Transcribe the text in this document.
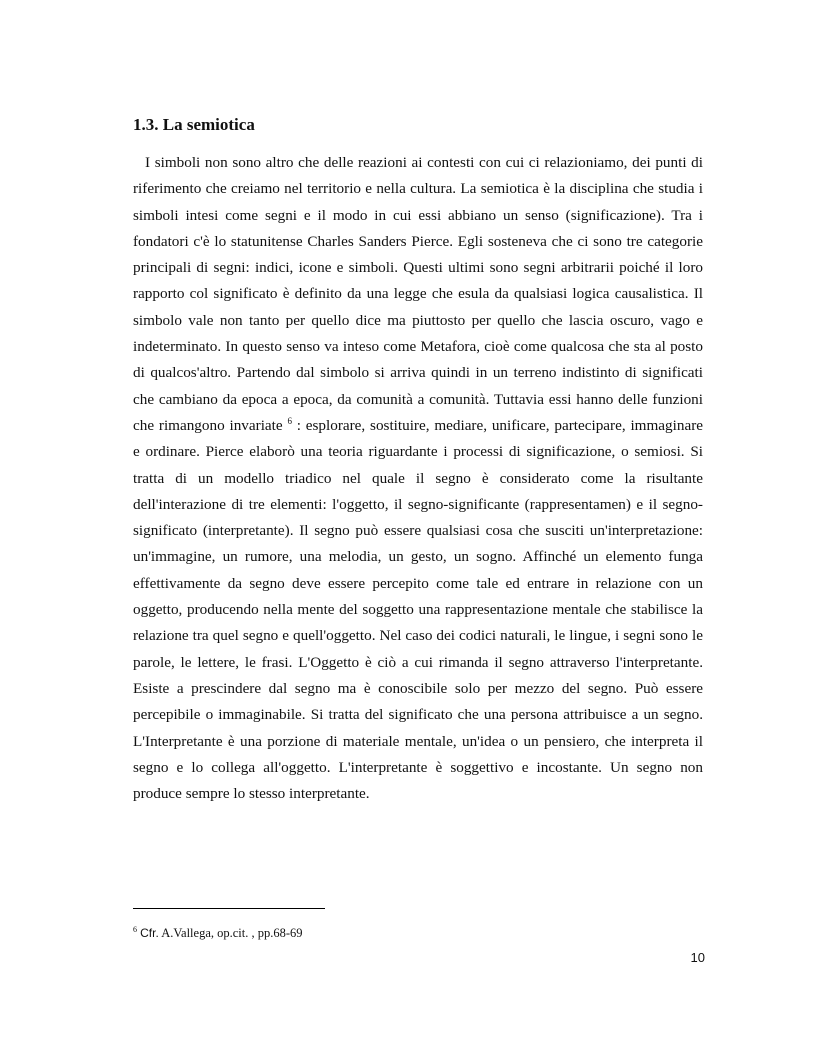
1.3. La semiotica

I simboli non sono altro che delle reazioni ai contesti con cui ci relazioniamo, dei punti di riferimento che creiamo nel territorio e nella cultura. La semiotica è la disciplina che studia i simboli intesi come segni e il modo in cui essi abbiano un senso (significazione). Tra i fondatori c'è lo statunitense Charles Sanders Pierce. Egli sosteneva che ci sono tre categorie principali di segni: indici, icone e simboli. Questi ultimi sono segni arbitrarii poiché il loro rapporto col significato è definito da una legge che esula da qualsiasi logica causalistica. Il simbolo vale non tanto per quello dice ma piuttosto per quello che lascia oscuro, vago e indeterminato. In questo senso va inteso come Metafora, cioè come qualcosa che sta al posto di qualcos'altro. Partendo dal simbolo si arriva quindi in un terreno indistinto di significati che cambiano da epoca a epoca, da comunità a comunità. Tuttavia essi hanno delle funzioni che rimangono invariate $^6$ : esplorare, sostituire, mediare, unificare, partecipare, immaginare e ordinare. Pierce elaborò una teoria riguardante i processi di significazione, o semiosi. Si tratta di un modello triadico nel quale il segno è considerato come la risultante dell'interazione di tre elementi: l'oggetto, il segno-significante (rappresentamen) e il segno-significato (interpretante). Il segno può essere qualsiasi cosa che susciti un'interpretazione: un'immagine, un rumore, una melodia, un gesto, un sogno. Affinché un elemento funga effettivamente da segno deve essere percepito come tale ed entrare in relazione con un oggetto, producendo nella mente del soggetto una rappresentazione mentale che stabilisce la relazione tra quel segno e quell'oggetto. Nel caso dei codici naturali, le lingue, i segni sono le parole, le lettere, le frasi. L'Oggetto è ciò a cui rimanda il segno attraverso l'interpretante. Esiste a prescindere dal segno ma è conoscibile solo per mezzo del segno. Può essere percepibile o immaginabile. Si tratta del significato che una persona attribuisce a un segno. L'Interpretante è una porzione di materiale mentale, un'idea o un pensiero, che interpreta il segno e lo collega all'oggetto. L'interpretante è soggettivo e incostante. Un segno non produce sempre lo stesso interpretante.

$^6$ Cfr. A.Vallega, op.cit. , pp.68-69

10
